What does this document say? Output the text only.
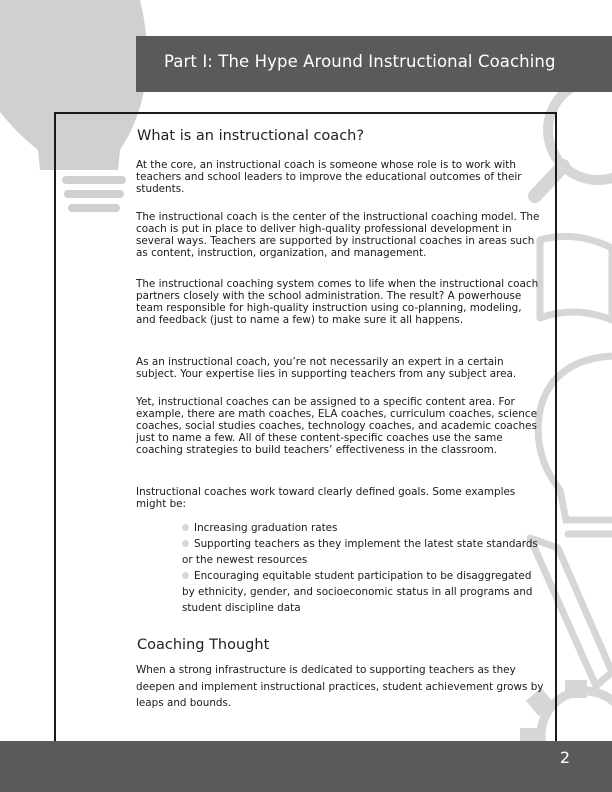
Part I: The Hype Around Instructional Coaching
What is an instructional coach?

At the core, an instructional coach is someone whose role is to work with teachers and school leaders to improve the educational outcomes of their students.

The instructional coach is the center of the instructional coaching model. The coach is put in place to deliver high-quality professional development in several ways. Teachers are supported by instructional coaches in areas such as content, instruction, organization, and management.

The instructional coaching system comes to life when the instructional coach partners closely with the school administration. The result? A powerhouse team responsible for high-quality instruction using co-planning, modeling, and feedback (just to name a few) to make sure it all happens.

As an instructional coach, you’re not necessarily an expert in a certain subject. Your expertise lies in supporting teachers from any subject area.

Yet, instructional coaches can be assigned to a specific content area. For example, there are math coaches, ELA coaches, curriculum coaches, science coaches, social studies coaches, technology coaches, and academic coaches just to name a few. All of these content-specific coaches use the same coaching strategies to build teachers’ effectiveness in the classroom.

Instructional coaches work toward clearly defined goals. Some examples might be:

Increasing graduation rates
Supporting teachers as they implement the latest state standards or the newest resources
Encouraging equitable student participation to be disaggregated by ethnicity, gender, and socioeconomic status in all programs and student discipline data
Coaching Thought

When a strong infrastructure is dedicated to supporting teachers as they deepen and implement instructional practices, student achievement grows by leaps and bounds.

2
